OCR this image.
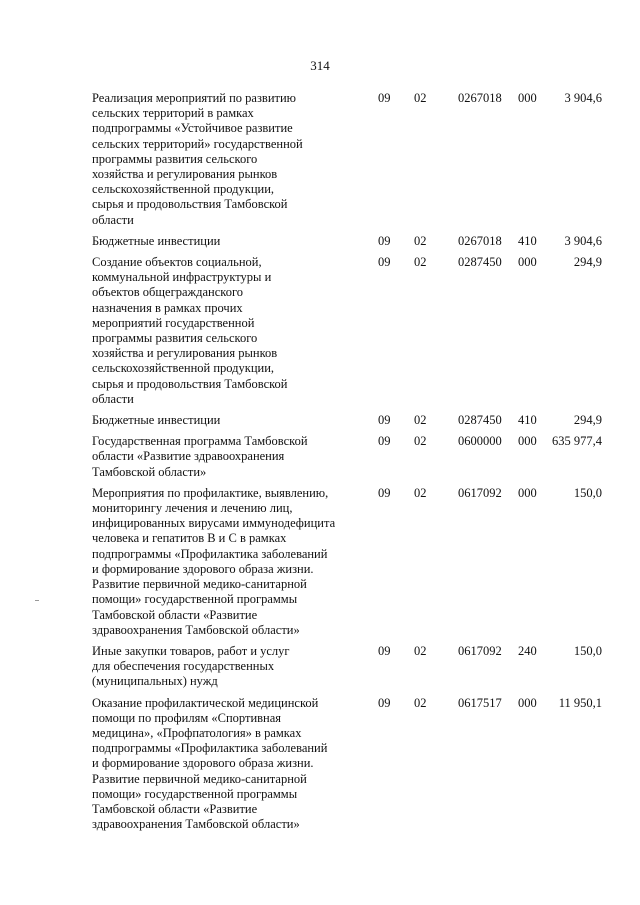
314
Реализация мероприятий по развитию
сельских территорий в рамках
подпрограммы «Устойчивое развитие
сельских территорий» государственной
программы развития сельского
хозяйства и регулирования рынков
сельскохозяйственной продукции,
сырья и продовольствия Тамбовской
области
09	02	0267018	000	3 904,6
Бюджетные инвестиции	09	02	0267018	410	3 904,6
Создание объектов социальной,
коммунальной инфраструктуры и
объектов общегражданского
назначения в рамках прочих
мероприятий государственной
программы развития сельского
хозяйства и регулирования рынков
сельскохозяйственной продукции,
сырья и продовольствия Тамбовской
области
09	02	0287450	000	294,9
Бюджетные инвестиции	09	02	0287450	410	294,9
Государственная программа Тамбовской
области «Развитие здравоохранения
Тамбовской области»
09	02	0600000	000	635 977,4
Мероприятия по профилактике, выявлению,
мониторингу лечения и лечению лиц,
инфицированных вирусами иммунодефицита
человека и гепатитов B и C в рамках
подпрограммы «Профилактика заболеваний
и формирование здорового образа жизни.
Развитие первичной медико-санитарной
помощи» государственной программы
Тамбовской области «Развитие
здравоохранения Тамбовской области»
09	02	0617092	000	150,0
Иные закупки товаров, работ и услуг
для обеспечения государственных
(муниципальных) нужд
09	02	0617092	240	150,0
Оказание профилактической медицинской
помощи по профилям «Спортивная
медицина», «Профпатология» в рамках
подпрограммы «Профилактика заболеваний
и формирование здорового образа жизни.
Развитие первичной медико-санитарной
помощи» государственной программы
Тамбовской области «Развитие
здравоохранения Тамбовской области»
09	02	0617517	000	11 950,1
